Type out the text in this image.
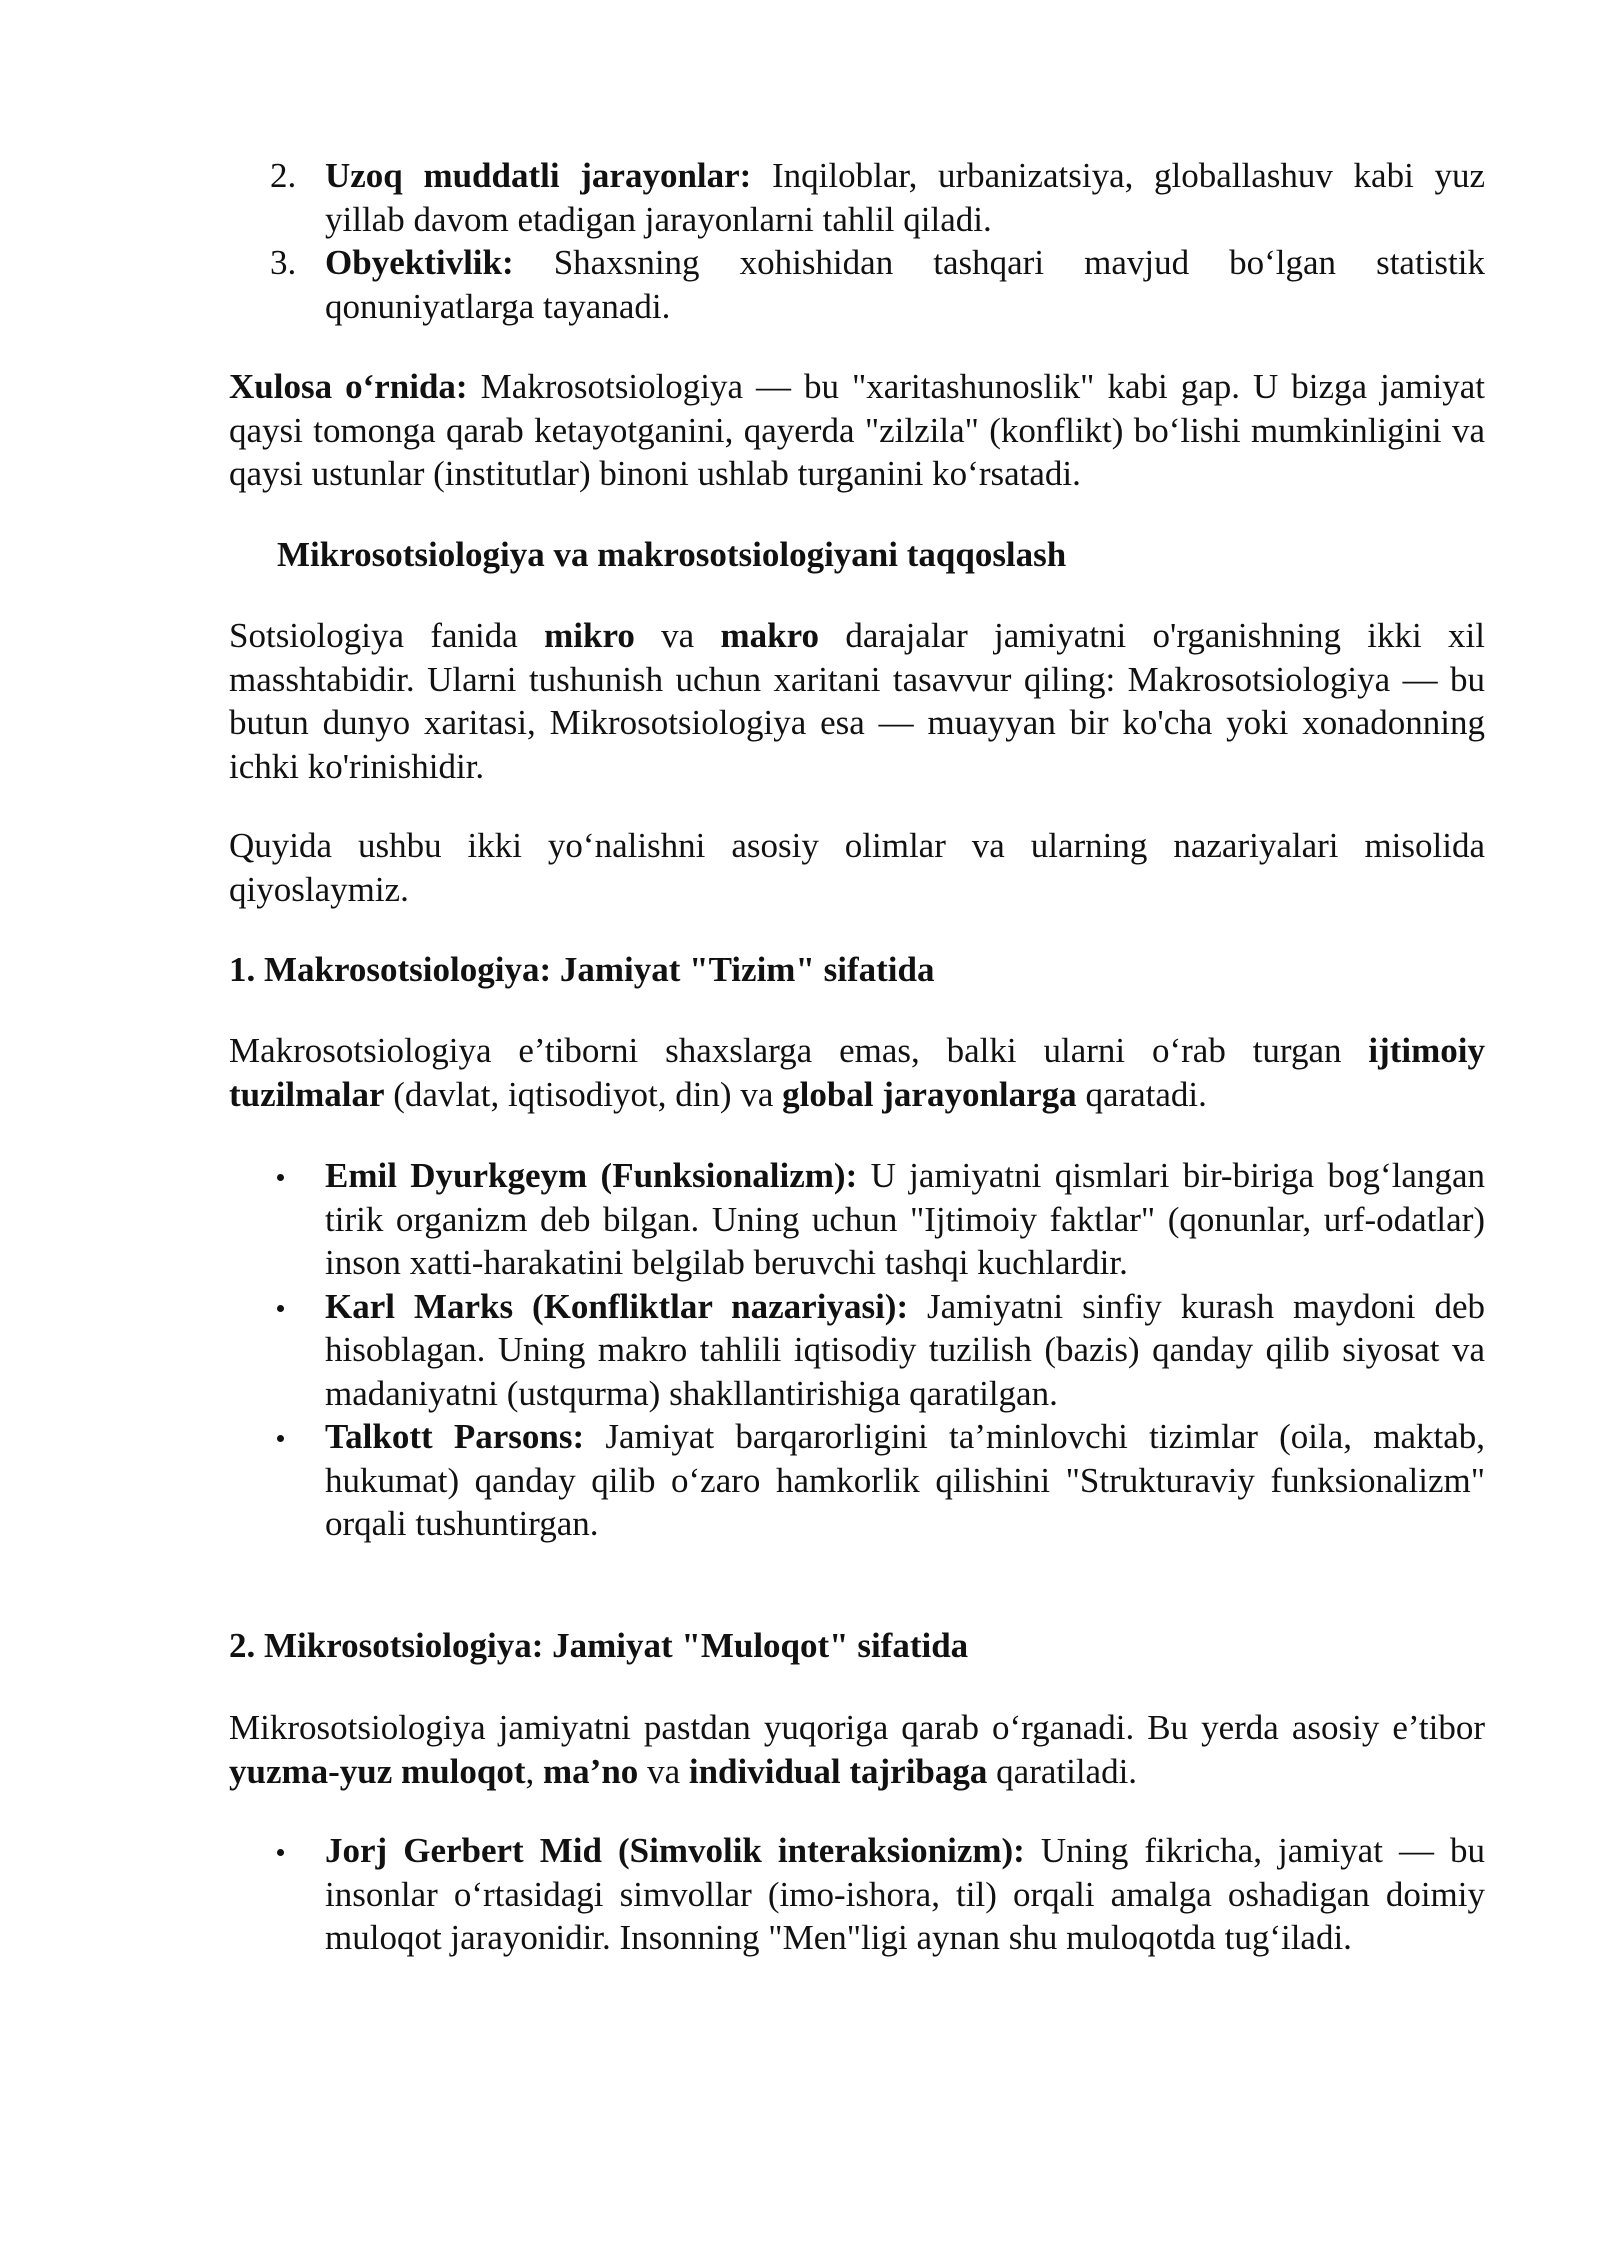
2. Uzoq muddatli jarayonlar: Inqiloblar, urbanizatsiya, globallashuv kabi yuz yillab davom etadigan jarayonlarni tahlil qiladi.
3. Obyektivlik: Shaxsning xohishidan tashqari mavjud bo‘lgan statistik qonuniyatlarga tayanadi.

Xulosa o‘rnida: Makrosotsiologiya — bu "xaritashunoslik" kabi gap. U bizga jamiyat qaysi tomonga qarab ketayotganini, qayerda "zilzila" (konflikt) bo‘lishi mumkinligini va qaysi ustunlar (institutlar) binoni ushlab turganini ko‘rsatadi.

Mikrosotsiologiya va makrosotsiologiyani taqqoslash

Sotsiologiya fanida mikro va makro darajalar jamiyatni o'rganishning ikki xil masshtabidir. Ularni tushunish uchun xaritani tasavvur qiling: Makrosotsiologiya — bu butun dunyo xaritasi, Mikrosotsiologiya esa — muayyan bir ko'cha yoki xonadonning ichki ko'rinishidir.

Quyida ushbu ikki yo‘nalishni asosiy olimlar va ularning nazariyalari misolida qiyoslaymiz.

1. Makrosotsiologiya: Jamiyat "Tizim" sifatida

Makrosotsiologiya e’tiborni shaxslarga emas, balki ularni o‘rab turgan ijtimoiy tuzilmalar (davlat, iqtisodiyot, din) va global jarayonlarga qaratadi.

Emil Dyurkgeym (Funksionalizm): U jamiyatni qismlari bir-biriga bog‘langan tirik organizm deb bilgan. Uning uchun "Ijtimoiy faktlar" (qonunlar, urf-odatlar) inson xatti-harakatini belgilab beruvchi tashqi kuchlardir.
Karl Marks (Konfliktlar nazariyasi): Jamiyatni sinfiy kurash maydoni deb hisoblagan. Uning makro tahlili iqtisodiy tuzilish (bazis) qanday qilib siyosat va madaniyatni (ustqurma) shakllantirishiga qaratilgan.
Talkott Parsons: Jamiyat barqarorligini ta’minlovchi tizimlar (oila, maktab, hukumat) qanday qilib o‘zaro hamkorlik qilishini "Strukturaviy funksionalizm" orqali tushuntirgan.

2. Mikrosotsiologiya: Jamiyat "Muloqot" sifatida

Mikrosotsiologiya jamiyatni pastdan yuqoriga qarab o‘rganadi. Bu yerda asosiy e’tibor yuzma-yuz muloqot, ma’no va individual tajribaga qaratiladi.

Jorj Gerbert Mid (Simvolik interaksionizm): Uning fikricha, jamiyat — bu insonlar o‘rtasidagi simvollar (imo-ishora, til) orqali amalga oshadigan doimiy muloqot jarayonidir. Insonning "Men"ligi aynan shu muloqotda tug‘iladi.
